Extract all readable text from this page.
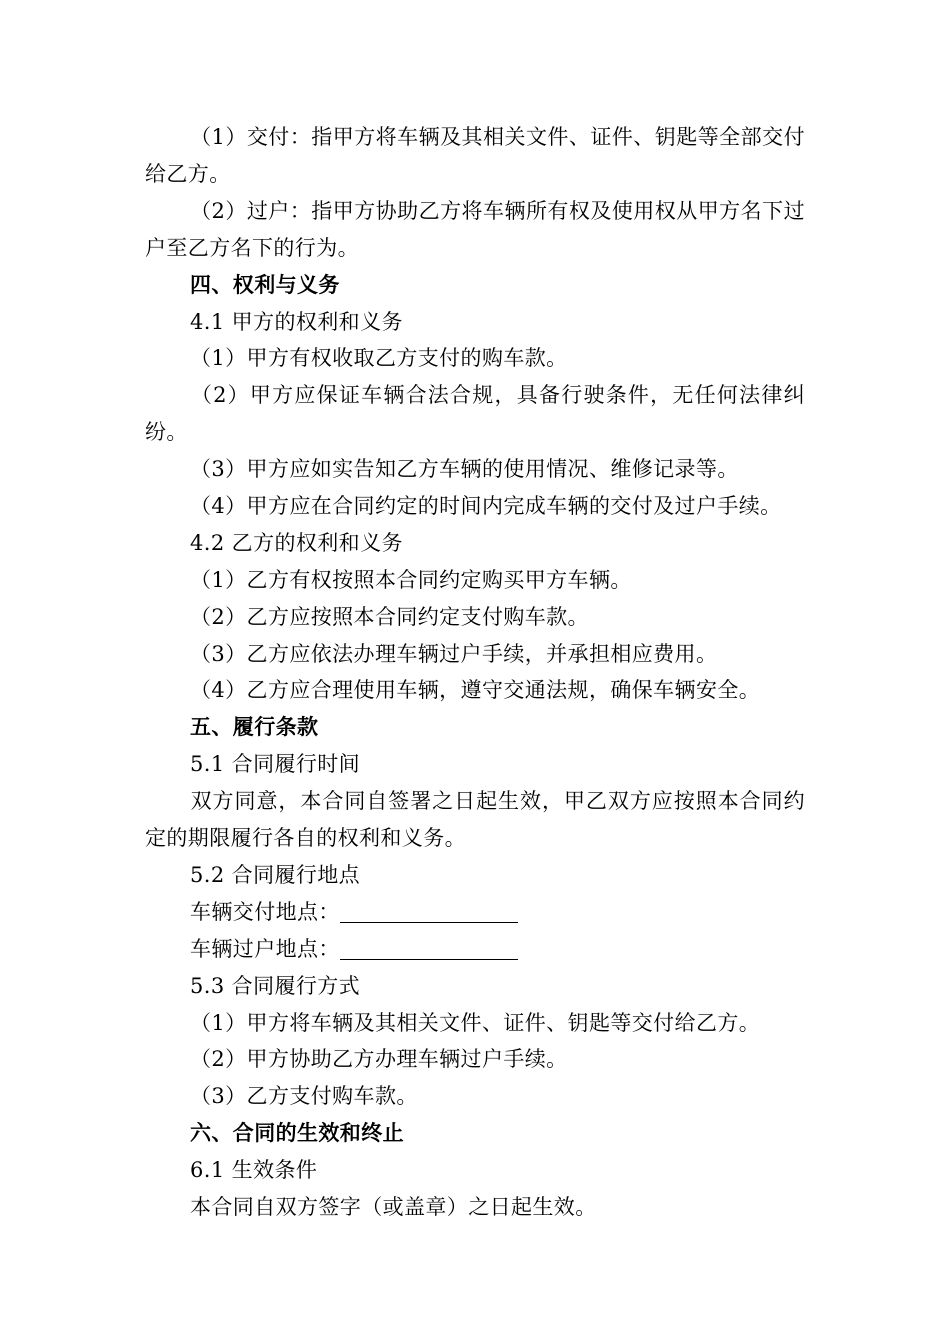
（1）交付：指甲方将车辆及其相关文件、证件、钥匙等全部交付给乙方。
（2）过户：指甲方协助乙方将车辆所有权及使用权从甲方名下过户至乙方名下的行为。
四、权利与义务
4.1 甲方的权利和义务
（1）甲方有权收取乙方支付的购车款。
（2）甲方应保证车辆合法合规，具备行驶条件，无任何法律纠纷。
（3）甲方应如实告知乙方车辆的使用情况、维修记录等。
（4）甲方应在合同约定的时间内完成车辆的交付及过户手续。
4.2 乙方的权利和义务
（1）乙方有权按照本合同约定购买甲方车辆。
（2）乙方应按照本合同约定支付购车款。
（3）乙方应依法办理车辆过户手续，并承担相应费用。
（4）乙方应合理使用车辆，遵守交通法规，确保车辆安全。
五、履行条款
5.1 合同履行时间
双方同意，本合同自签署之日起生效，甲乙双方应按照本合同约定的期限履行各自的权利和义务。
5.2 合同履行地点
车辆交付地点：
车辆过户地点：
5.3 合同履行方式
（1）甲方将车辆及其相关文件、证件、钥匙等交付给乙方。
（2）甲方协助乙方办理车辆过户手续。
（3）乙方支付购车款。
六、合同的生效和终止
6.1 生效条件
本合同自双方签字（或盖章）之日起生效。
